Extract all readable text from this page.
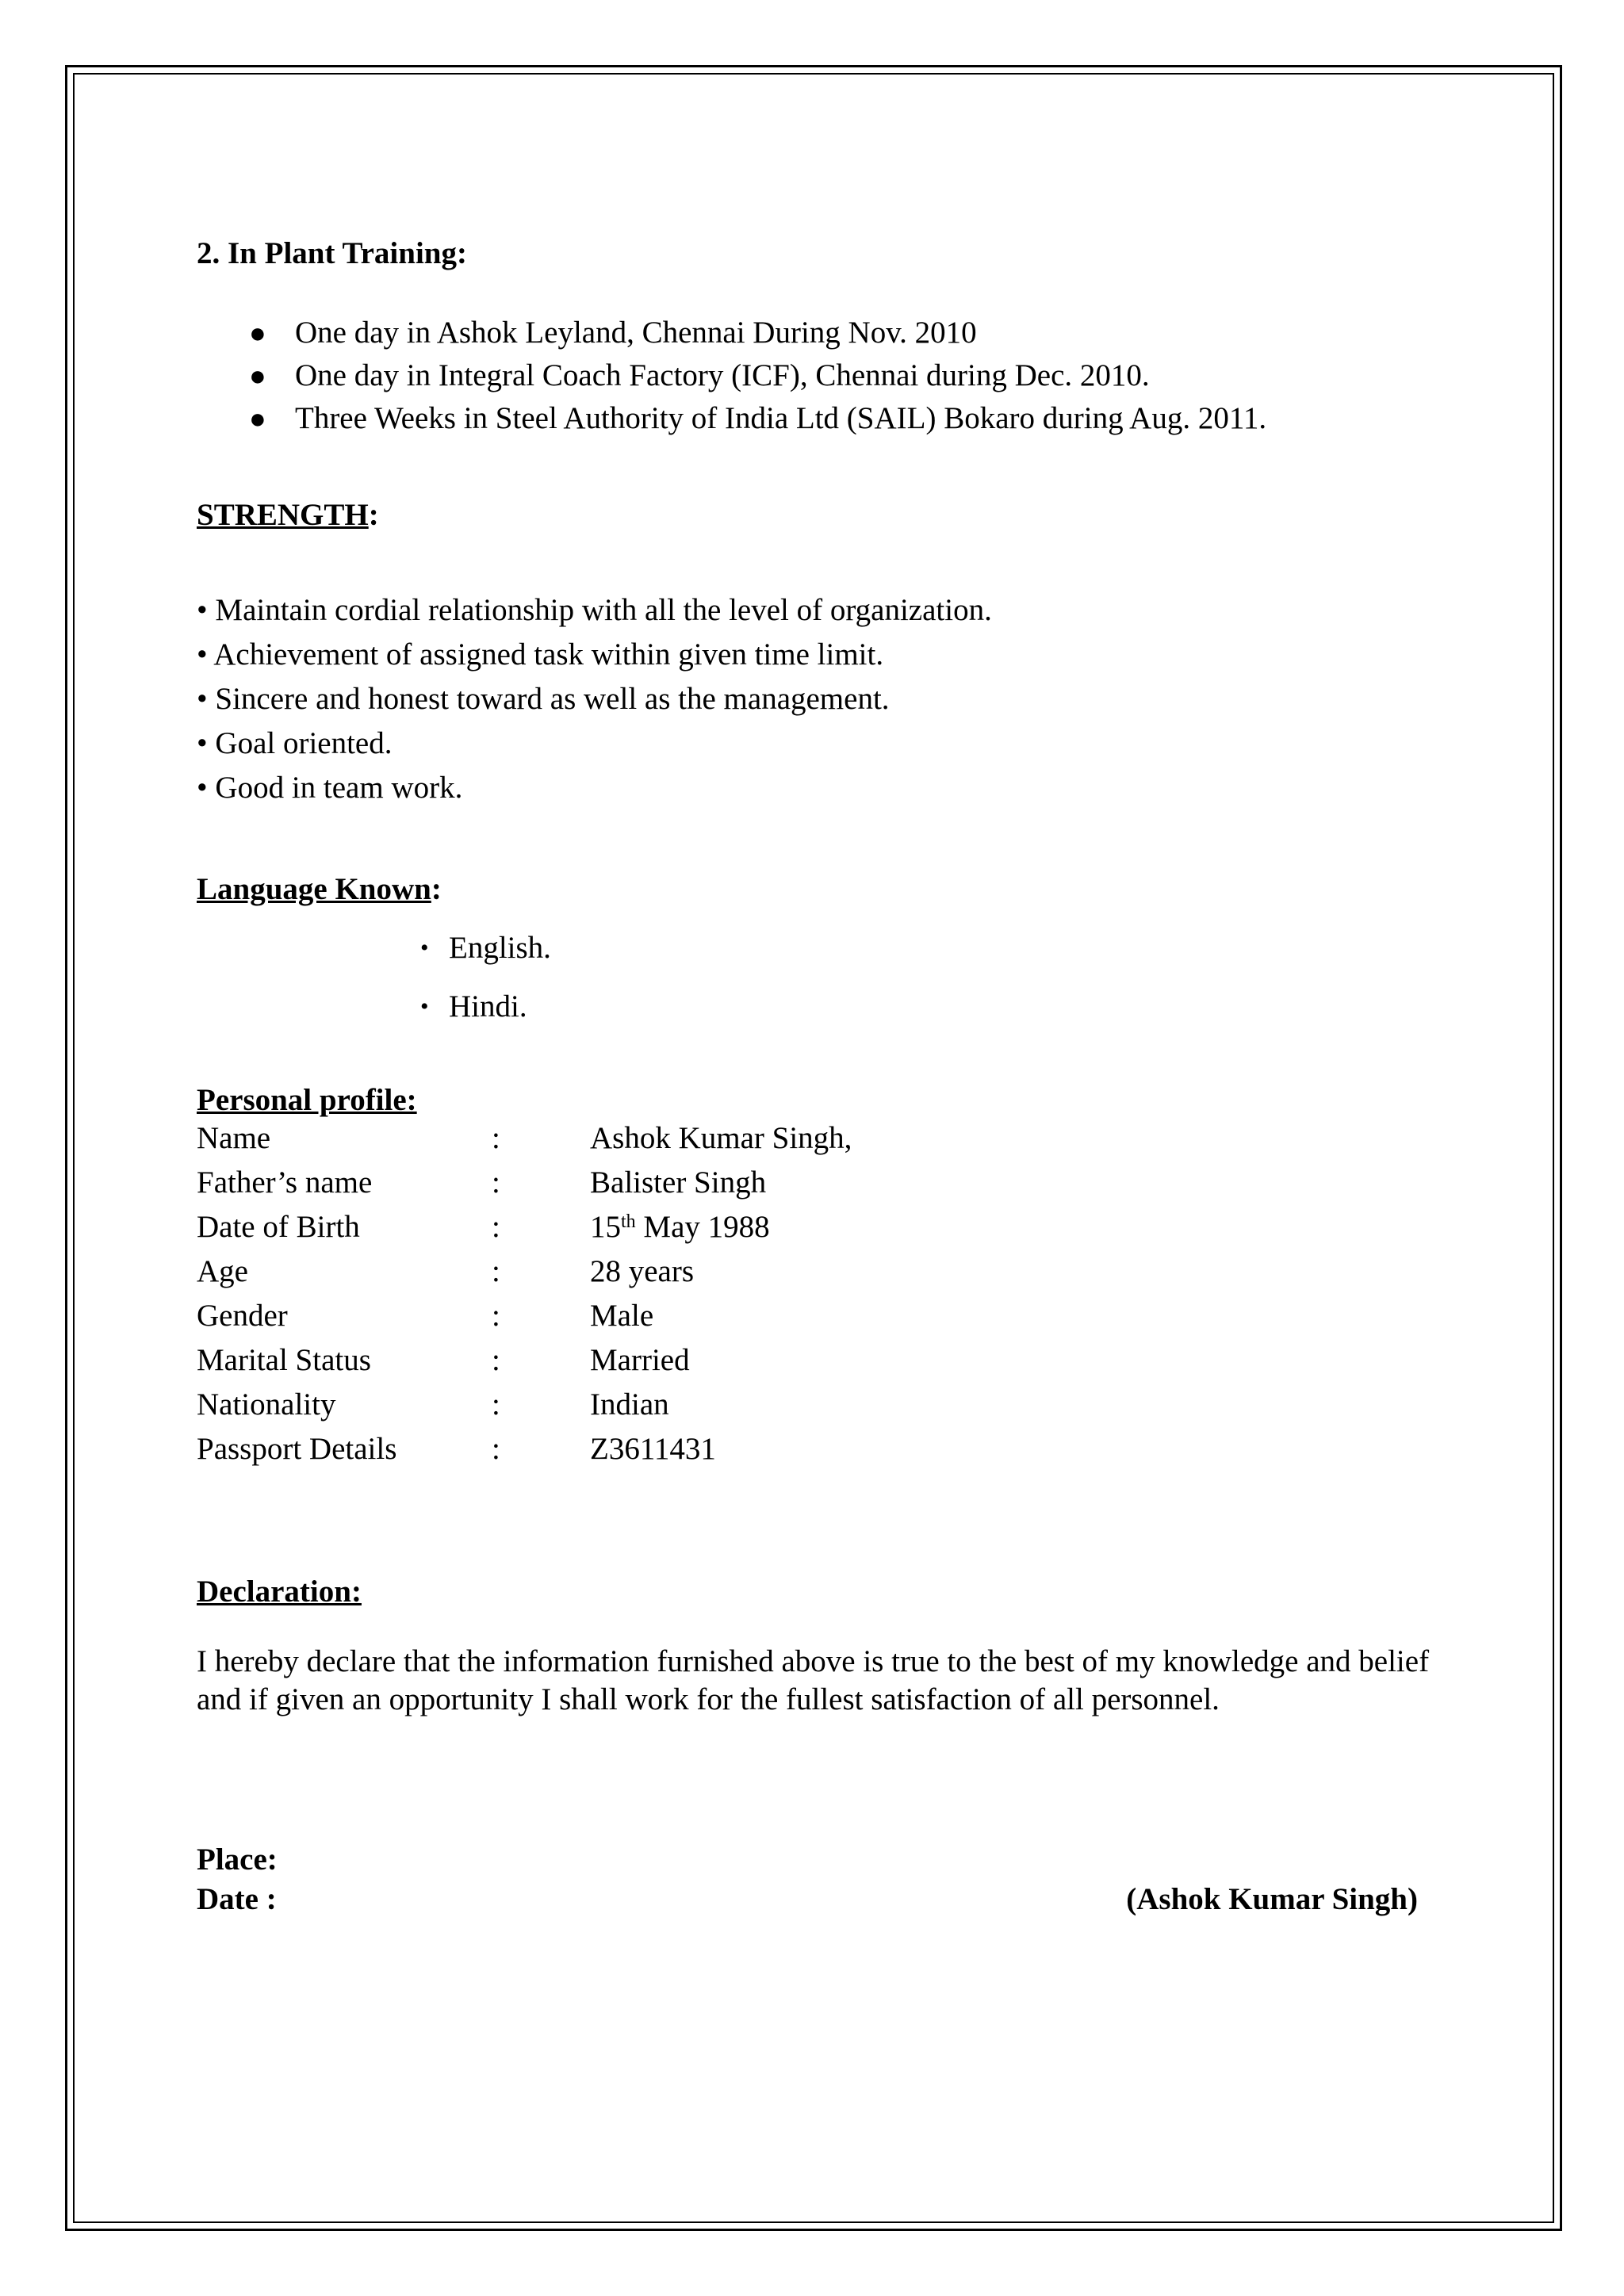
2. In Plant Training:
● One day in Ashok Leyland, Chennai During Nov. 2010
● One day in Integral Coach Factory (ICF), Chennai during Dec. 2010.
● Three Weeks in Steel Authority of India Ltd (SAIL) Bokaro during Aug. 2011.
STRENGTH:
• Maintain cordial relationship with all the level of organization.
• Achievement of assigned task within given time limit.
• Sincere and honest toward as well as the management.
• Goal oriented.
• Good in team work.
Language Known:
• English.
• Hindi.
Personal profile:
Name	:	Ashok Kumar Singh,
Father’s name	:	Balister Singh
Date of Birth	:	15th May 1988
Age	:	28 years
Gender	:	Male
Marital Status	:	Married
Nationality	:	Indian
Passport Details	:	Z3611431
Declaration:
I hereby declare that the information furnished above is true to the best of my knowledge and belief and if given an opportunity I shall work for the fullest satisfaction of all personnel.
Place:
Date :	(Ashok Kumar Singh)
